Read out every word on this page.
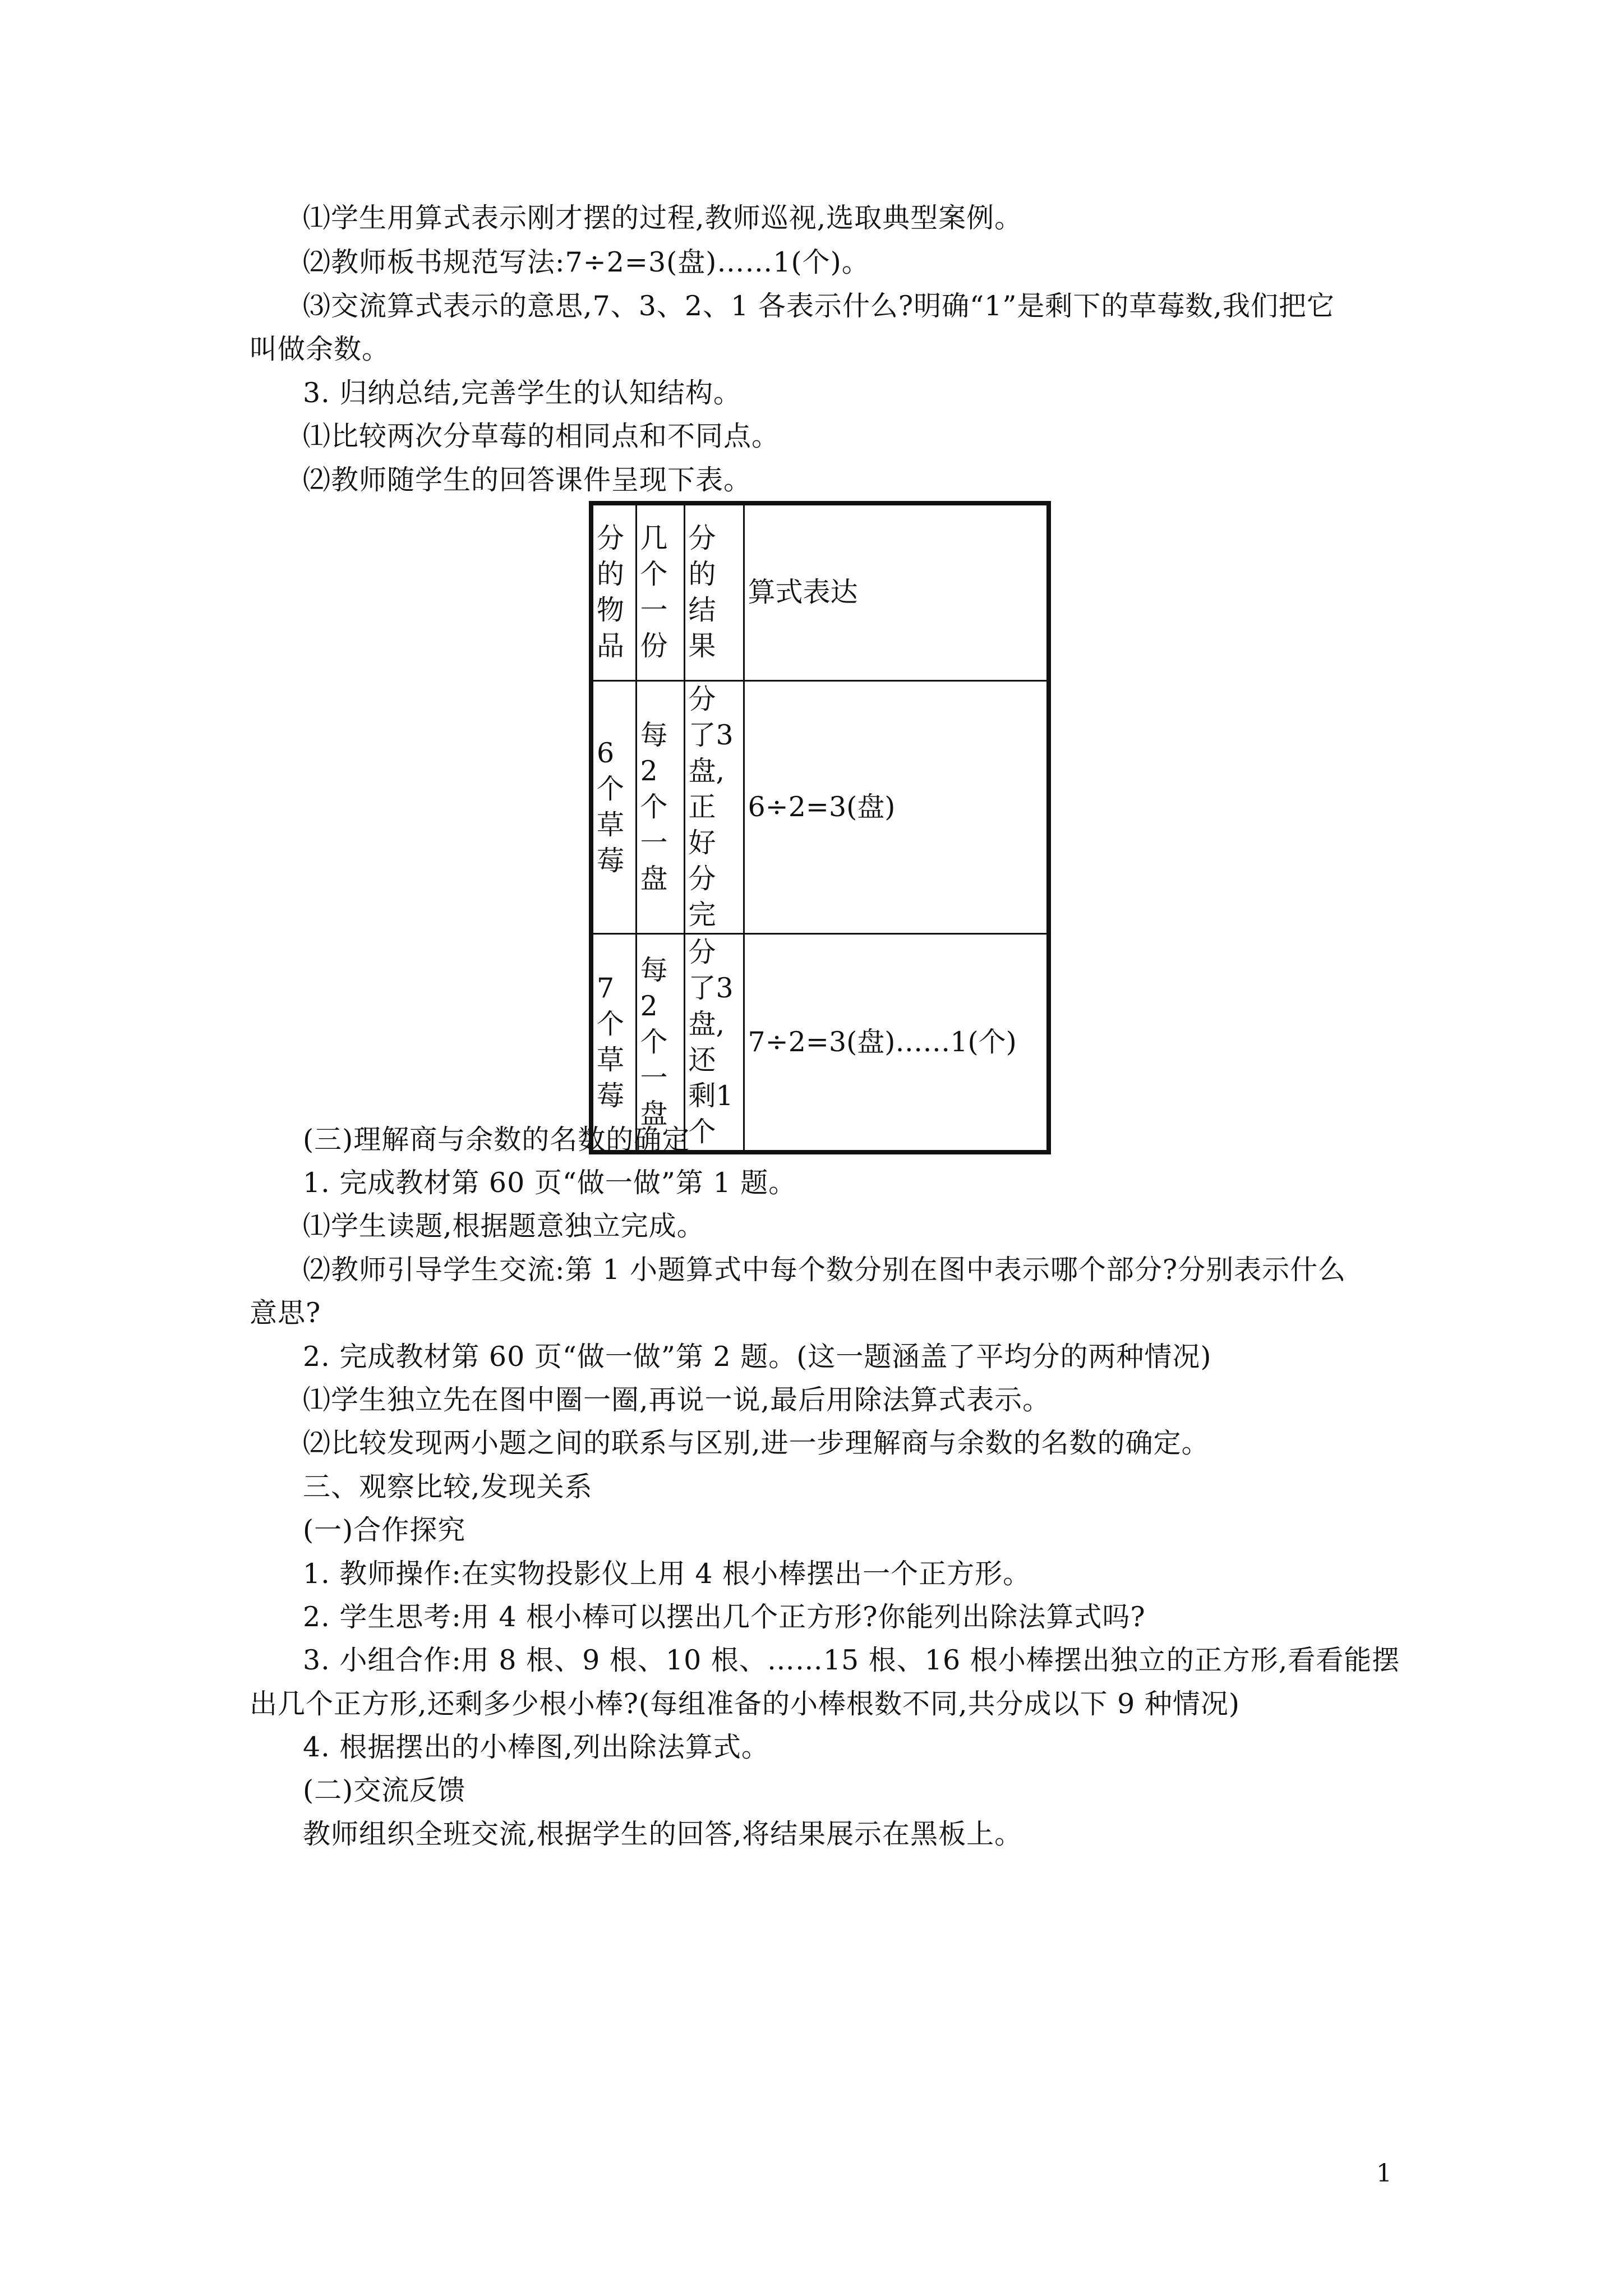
⑴学生用算式表示刚才摆的过程,教师巡视,选取典型案例。

⑵教师板书规范写法:7÷2=3(盘)……1(个)。

⑶交流算式表示的意思,7、3、2、1 各表示什么?明确“1”是剩下的草莓数,我们把它

叫做余数。

3. 归纳总结,完善学生的认知结构。

⑴比较两次分草莓的相同点和不同点。

⑵教师随学生的回答课件呈现下表。

分的物品	几个一份	分的结果	算式表达
6个草莓	每2个一盘	分了3盘,正好分完	6÷2=3(盘)
7个草莓	每2个一盘	分了3盘,还剩1个	7÷2=3(盘)……1(个)

(三)理解商与余数的名数的确定

1. 完成教材第 60 页“做一做”第 1 题。

⑴学生读题,根据题意独立完成。

⑵教师引导学生交流:第 1 小题算式中每个数分别在图中表示哪个部分?分别表示什么

意思?

2. 完成教材第 60 页“做一做”第 2 题。(这一题涵盖了平均分的两种情况)

⑴学生独立先在图中圈一圈,再说一说,最后用除法算式表示。

⑵比较发现两小题之间的联系与区别,进一步理解商与余数的名数的确定。

三、观察比较,发现关系

(一)合作探究

1. 教师操作:在实物投影仪上用 4 根小棒摆出一个正方形。

2. 学生思考:用 4 根小棒可以摆出几个正方形?你能列出除法算式吗?

3. 小组合作:用 8 根、9 根、10 根、……15 根、16 根小棒摆出独立的正方形,看看能摆

出几个正方形,还剩多少根小棒?(每组准备的小棒根数不同,共分成以下 9 种情况)

4. 根据摆出的小棒图,列出除法算式。

(二)交流反馈

教师组织全班交流,根据学生的回答,将结果展示在黑板上。

1
